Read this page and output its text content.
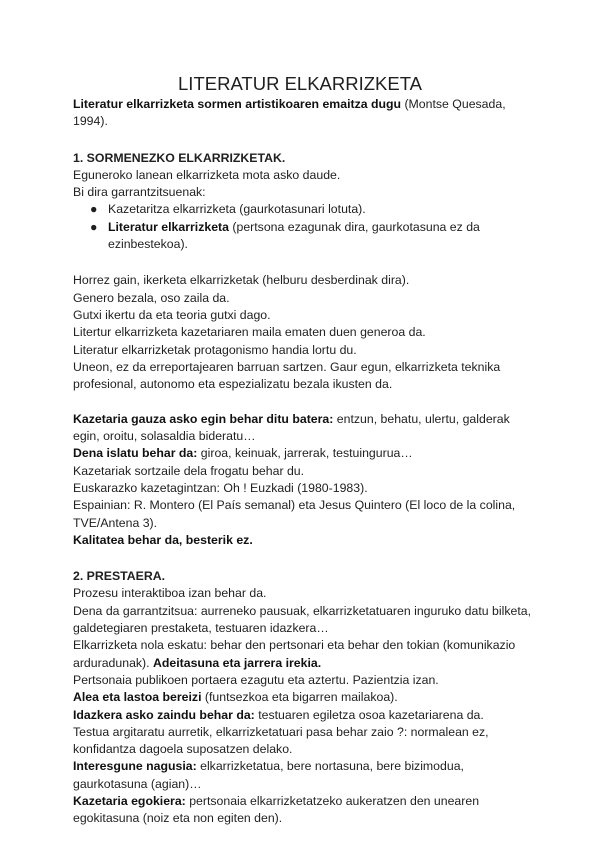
LITERATUR ELKARRIZKETA

Literatur elkarrizketa sormen artistikoaren emaitza dugu (Montse Quesada, 1994).

1. SORMENEZKO ELKARRIZKETAK.

Eguneroko lanean elkarrizketa mota asko daude.

Bi dira garrantzitsuenak:

● Kazetaritza elkarrizketa (gaurkotasunari lotuta).
● Literatur elkarrizketa (pertsona ezagunak dira, gaurkotasuna ez da ezinbestekoa).

Horrez gain, ikerketa elkarrizketak (helburu desberdinak dira).

Genero bezala, oso zaila da.

Gutxi ikertu da eta teoria gutxi dago.

Litertur elkarrizketa kazetariaren maila ematen duen generoa da.

Literatur elkarrizketak protagonismo handia lortu du.

Uneon, ez da erreportajearen barruan sartzen. Gaur egun, elkarrizketa teknika profesional, autonomo eta espezializatu bezala ikusten da.

Kazetaria gauza asko egin behar ditu batera: entzun, behatu, ulertu, galderak egin, oroitu, solasaldia bideratu…

Dena islatu behar da: giroa, keinuak, jarrerak, testuingurua…

Kazetariak sortzaile dela frogatu behar du.

Euskarazko kazetagintzan: Oh ! Euzkadi (1980-1983).

Espainian: R. Montero (El País semanal) eta Jesus Quintero (El loco de la colina, TVE/Antena 3).

Kalitatea behar da, besterik ez.

2. PRESTAERA.

Prozesu interaktiboa izan behar da.

Dena da garrantzitsua: aurreneko pausuak, elkarrizketatuaren inguruko datu bilketa, galdetegiaren prestaketa, testuaren idazkera…

Elkarrizketa nola eskatu: behar den pertsonari eta behar den tokian (komunikazio arduradunak). Adeitasuna eta jarrera irekia.

Pertsonaia publikoen portaera ezagutu eta aztertu. Pazientzia izan.

Alea eta lastoa bereizi (funtsezkoa eta bigarren mailakoa).

Idazkera asko zaindu behar da: testuaren egiletza osoa kazetariarena da.

Testua argitaratu aurretik, elkarrizketatuari pasa behar zaio ?: normalean ez, konfidantza dagoela suposatzen delako.

Interesgune nagusia: elkarrizketatua, bere nortasuna, bere bizimodua, gaurkotasuna (agian)…

Kazetaria egokiera: pertsonaia elkarrizketatzeko aukeratzen den unearen egokitasuna (noiz eta non egiten den).
